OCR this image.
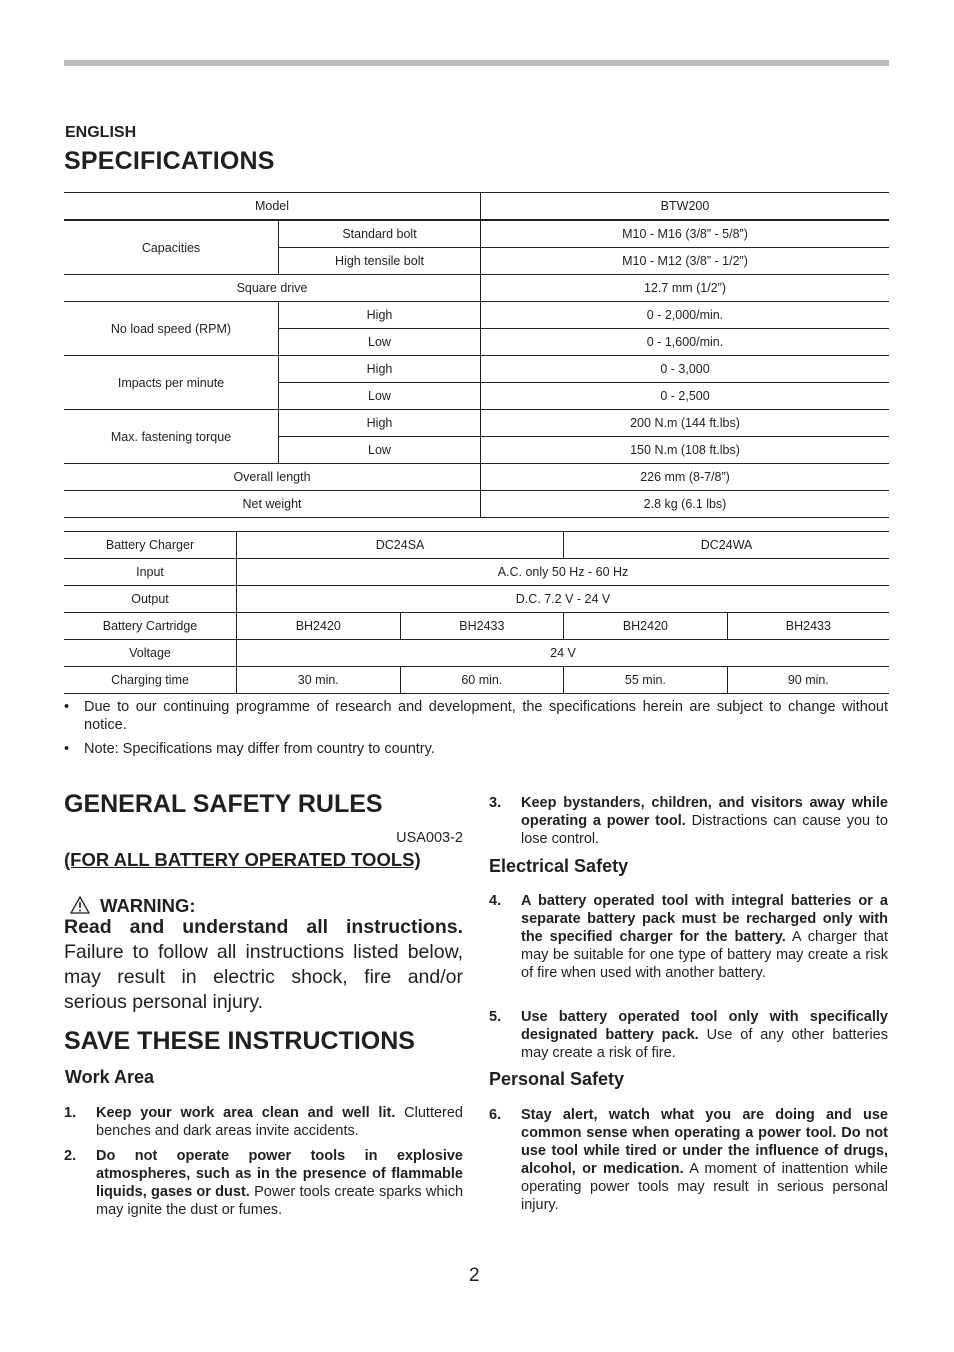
ENGLISH
SPECIFICATIONS
Model		BTW200
Capacities	Standard bolt	M10 - M16 (3/8” - 5/8”)
	High tensile bolt	M10 - M12 (3/8” - 1/2”)
Square drive		12.7 mm (1/2”)
No load speed (RPM)	High	0 - 2,000/min.
	Low	0 - 1,600/min.
Impacts per minute	High	0 - 3,000
	Low	0 - 2,500
Max. fastening torque	High	200 N.m (144 ft.lbs)
	Low	150 N.m (108 ft.lbs)
Overall length		226 mm (8-7/8”)
Net weight		2.8 kg (6.1 lbs)
Battery Charger	DC24SA		DC24WA	
Input	A.C. only 50 Hz - 60 Hz			
Output	D.C. 7.2 V - 24 V			
Battery Cartridge	BH2420	BH2433	BH2420	BH2433
Voltage	24 V			
Charging time	30 min.	60 min.	55 min.	90 min.
• Due to our continuing programme of research and development, the specifications herein are subject to change without notice.
• Note: Specifications may differ from country to country.
GENERAL SAFETY RULES
USA003-2
(FOR ALL BATTERY OPERATED TOOLS)
WARNING:
Read and understand all instructions. Failure to follow all instructions listed below, may result in electric shock, fire and/or serious personal injury.
SAVE THESE INSTRUCTIONS
Work Area
1. Keep your work area clean and well lit. Cluttered benches and dark areas invite accidents.
2. Do not operate power tools in explosive atmospheres, such as in the presence of flammable liquids, gases or dust. Power tools create sparks which may ignite the dust or fumes.
3. Keep bystanders, children, and visitors away while operating a power tool. Distractions can cause you to lose control.
Electrical Safety
4. A battery operated tool with integral batteries or a separate battery pack must be recharged only with the specified charger for the battery. A charger that may be suitable for one type of battery may create a risk of fire when used with another battery.
5. Use battery operated tool only with specifically designated battery pack. Use of any other batteries may create a risk of fire.
Personal Safety
6. Stay alert, watch what you are doing and use common sense when operating a power tool. Do not use tool while tired or under the influence of drugs, alcohol, or medication. A moment of inattention while operating power tools may result in serious personal injury.
2
